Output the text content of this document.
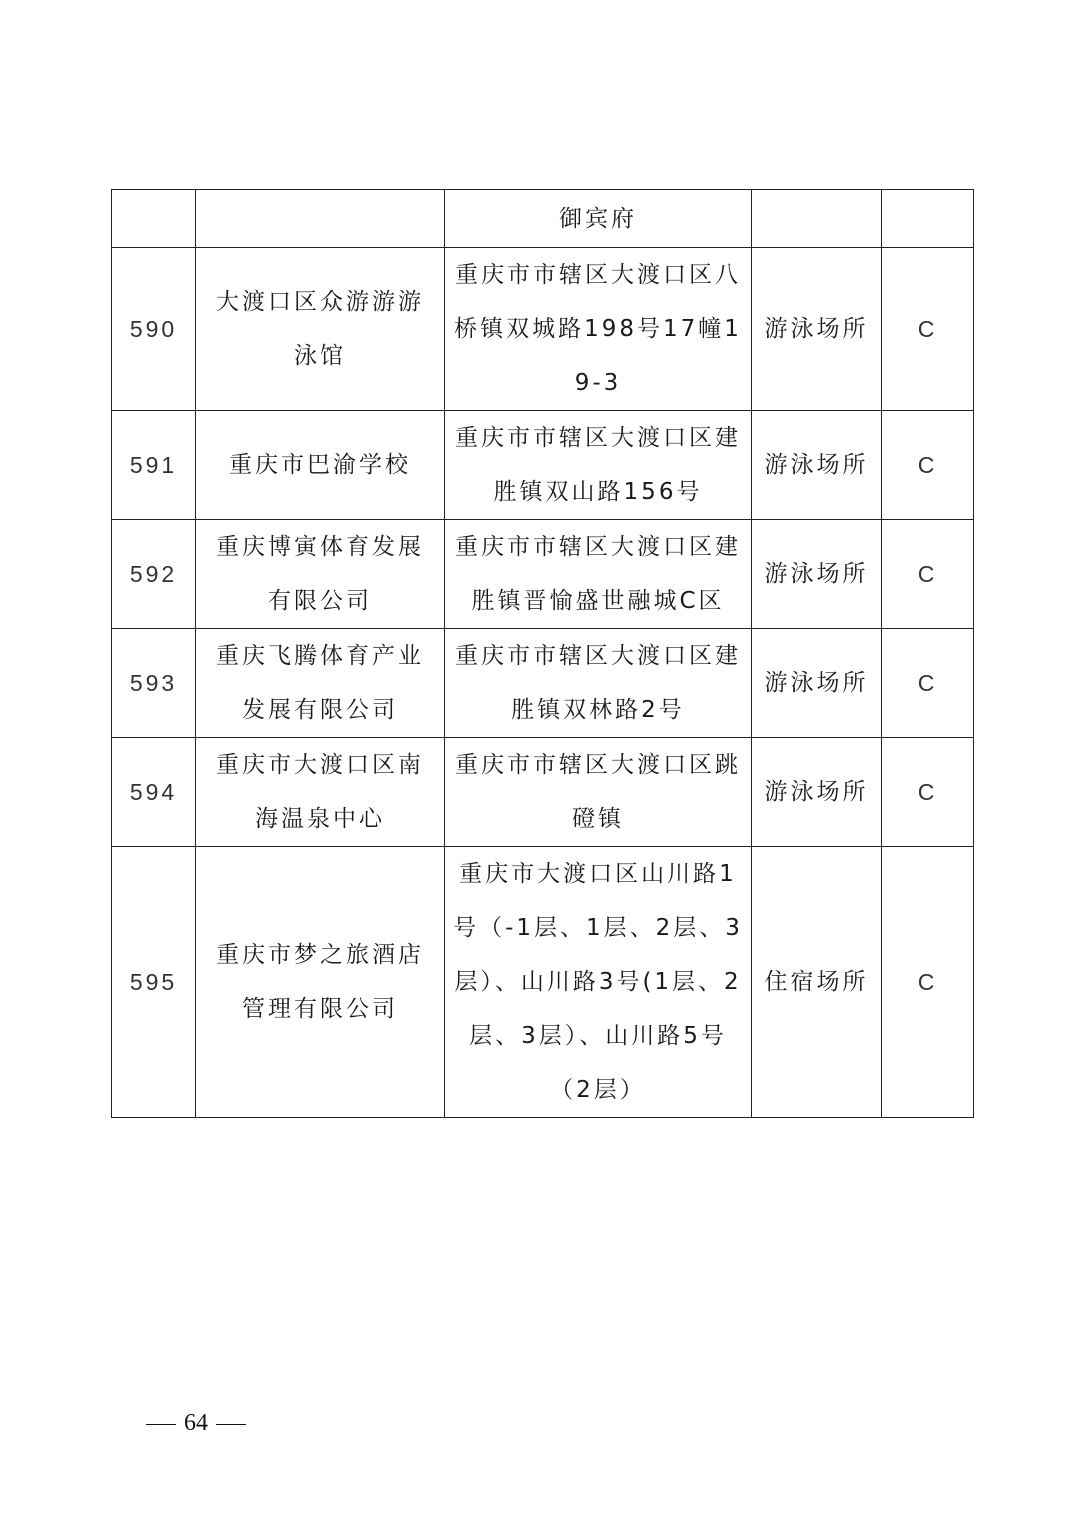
		御宾府		
590	大渡口区众游游游泳馆	重庆市市辖区大渡口区八桥镇双城路198号17幢19-3	游泳场所	C
591	重庆市巴渝学校	重庆市市辖区大渡口区建胜镇双山路156号	游泳场所	C
592	重庆博寅体育发展有限公司	重庆市市辖区大渡口区建胜镇晋愉盛世融城C区	游泳场所	C
593	重庆飞腾体育产业发展有限公司	重庆市市辖区大渡口区建胜镇双林路2号	游泳场所	C
594	重庆市大渡口区南海温泉中心	重庆市市辖区大渡口区跳磴镇	游泳场所	C
595	重庆市梦之旅酒店管理有限公司	重庆市大渡口区山川路1号（-1层、1层、2层、3层）、山川路3号(1层、2层、3层）、山川路5号（2层）	住宿场所	C
64
